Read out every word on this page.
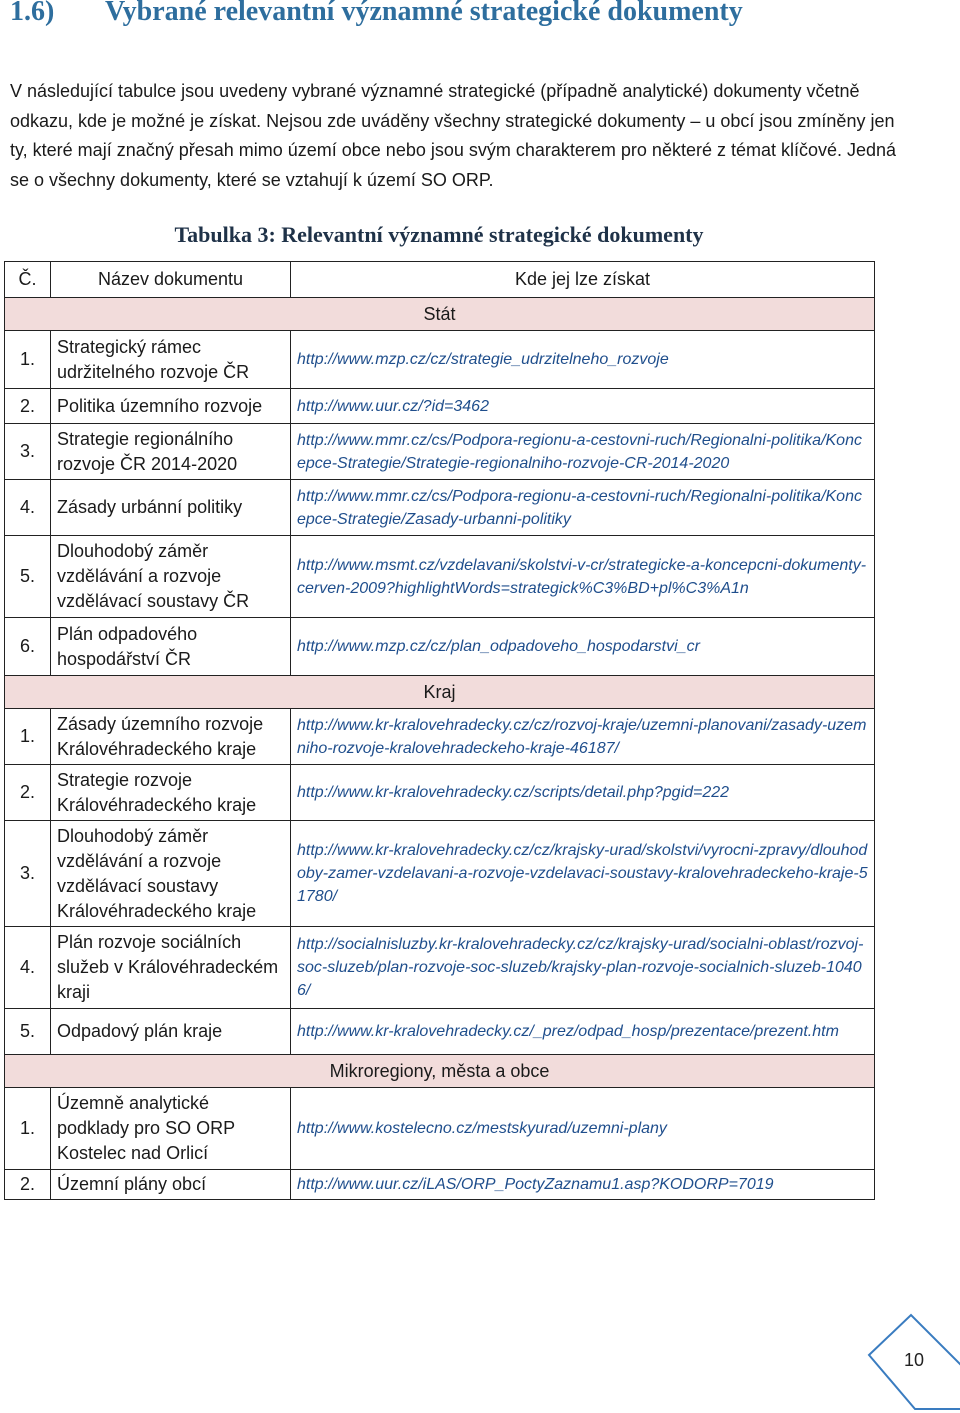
1.6) Vybrané relevantní významné strategické dokumenty

V následující tabulce jsou uvedeny vybrané významné strategické (případně analytické) dokumenty včetně odkazu, kde je možné je získat. Nejsou zde uváděny všechny strategické dokumenty – u obcí jsou zmíněny jen ty, které mají značný přesah mimo území obce nebo jsou svým charakterem pro některé z témat klíčové. Jedná se o všechny dokumenty, které se vztahují k území SO ORP.

Tabulka 3: Relevantní významné strategické dokumenty

Č.	Název dokumentu	Kde jej lze získat
Stát		
1.	Strategický rámec udržitelného rozvoje ČR	http://www.mzp.cz/cz/strategie_udrzitelneho_rozvoje
2.	Politika územního rozvoje	http://www.uur.cz/?id=3462
3.	Strategie regionálního rozvoje ČR 2014-2020	http://www.mmr.cz/cs/Podpora-regionu-a-cestovni-ruch/Regionalni-politika/Koncepce-Strategie/Strategie-regionalniho-rozvoje-CR-2014-2020
4.	Zásady urbánní politiky	http://www.mmr.cz/cs/Podpora-regionu-a-cestovni-ruch/Regionalni-politika/Koncepce-Strategie/Zasady-urbanni-politiky
5.	Dlouhodobý záměr vzdělávání a rozvoje vzdělávací soustavy ČR	http://www.msmt.cz/vzdelavani/skolstvi-v-cr/strategicke-a-koncepcni-dokumenty-cerven-2009?highlightWords=strategick%C3%BD+pl%C3%A1n
6.	Plán odpadového hospodářství ČR	http://www.mzp.cz/cz/plan_odpadoveho_hospodarstvi_cr
Kraj		
1.	Zásady územního rozvoje Královéhradeckého kraje	http://www.kr-kralovehradecky.cz/cz/rozvoj-kraje/uzemni-planovani/zasady-uzemniho-rozvoje-kralovehradeckeho-kraje-46187/
2.	Strategie rozvoje Královéhradeckého kraje	http://www.kr-kralovehradecky.cz/scripts/detail.php?pgid=222
3.	Dlouhodobý záměr vzdělávání a rozvoje vzdělávací soustavy Královéhradeckého kraje	http://www.kr-kralovehradecky.cz/cz/krajsky-urad/skolstvi/vyrocni-zpravy/dlouhodoby-zamer-vzdelavani-a-rozvoje-vzdelavaci-soustavy-kralovehradeckeho-kraje-51780/
4.	Plán rozvoje sociálních služeb v Královéhradeckém kraji	http://socialnisluzby.kr-kralovehradecky.cz/cz/krajsky-urad/socialni-oblast/rozvoj-soc-sluzeb/plan-rozvoje-soc-sluzeb/krajsky-plan-rozvoje-socialnich-sluzeb-10406/
5.	Odpadový plán kraje	http://www.kr-kralovehradecky.cz/_prez/odpad_hosp/prezentace/prezent.htm
Mikroregiony, města a obce		
1.	Územně analytické podklady pro SO ORP Kostelec nad Orlicí	http://www.kostelecno.cz/mestskyurad/uzemni-plany
2.	Územní plány obcí	http://www.uur.cz/iLAS/ORP_PoctyZaznamu1.asp?KODORP=7019
10
